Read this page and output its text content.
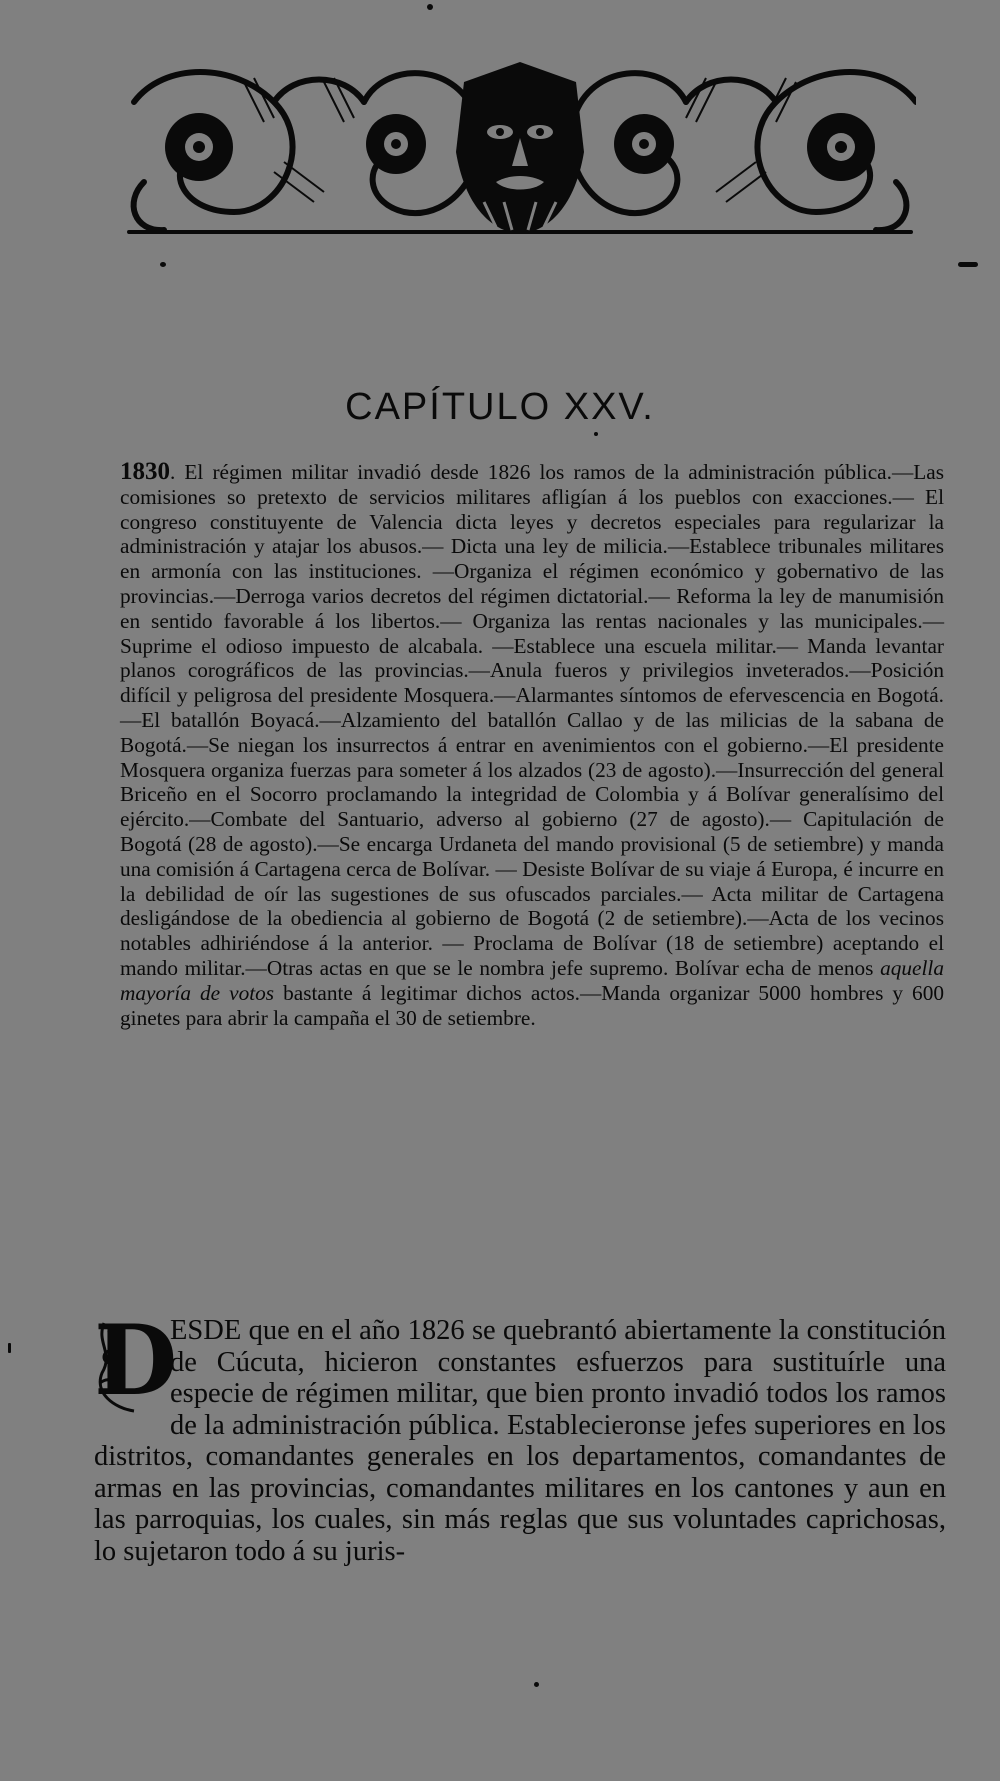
CAPÍTULO XXV.

1830. El régimen militar invadió desde 1826 los ramos de la administración pública.—Las comisiones so pretexto de servicios militares afligían á los pueblos con exacciones.— El congreso constituyente de Valencia dicta leyes y decretos especiales para regularizar la administración y atajar los abusos.— Dicta una ley de milicia.—Establece tribunales militares en armonía con las instituciones. —Organiza el régimen económico y gobernativo de las provincias.—Derroga varios decretos del régimen dictatorial.— Reforma la ley de manumisión en sentido favorable á los libertos.— Organiza las rentas nacionales y las municipales.— Suprime el odioso impuesto de alcabala. —Establece una escuela militar.— Manda levantar planos corográficos de las provincias.—Anula fueros y privilegios inveterados.—Posición difícil y peligrosa del presidente Mosquera.—Alarmantes síntomos de efervescencia en Bogotá.—El batallón Boyacá.—Alzamiento del batallón Callao y de las milicias de la sabana de Bogotá.—Se niegan los insurrectos á entrar en avenimientos con el gobierno.—El presidente Mosquera organiza fuerzas para someter á los alzados (23 de agosto).—Insurrección del general Briceño en el Socorro proclamando la integridad de Colombia y á Bolívar generalísimo del ejército.—Combate del Santuario, adverso al gobierno (27 de agosto).— Capitulación de Bogotá (28 de agosto).—Se encarga Urdaneta del mando provisional (5 de setiembre) y manda una comisión á Cartagena cerca de Bolívar. — Desiste Bolívar de su viaje á Europa, é incurre en la debilidad de oír las sugestiones de sus ofuscados parciales.— Acta militar de Cartagena desligándose de la obediencia al gobierno de Bogotá (2 de setiembre).—Acta de los vecinos notables adhiriéndose á la anterior. — Proclama de Bolívar (18 de setiembre) aceptando el mando militar.—Otras actas en que se le nombra jefe supremo. Bolívar echa de menos aquella mayoría de votos bastante á legitimar dichos actos.—Manda organizar 5000 hombres y 600 ginetes para abrir la campaña el 30 de setiembre.

D
ESDE que en el año 1826 se quebrantó abiertamente la constitución de Cúcuta, hicieron constantes esfuerzos para sustituírle una especie de régimen militar, que bien pronto invadió todos los ramos de la administración pública. Establecieronse jefes superiores en los distritos, comandantes generales en los departamentos, comandantes de armas en las provincias, comandantes militares en los cantones y aun en las parroquias, los cuales, sin más reglas que sus voluntades caprichosas, lo sujetaron todo á su juris-
